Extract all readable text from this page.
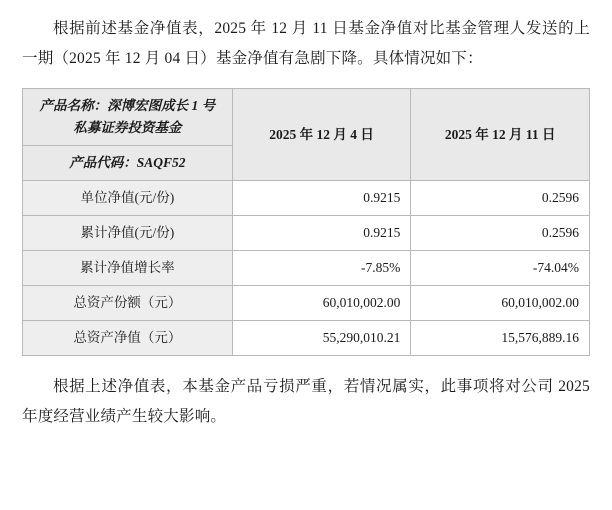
根据前述基金净值表，2025 年 12 月 11 日基金净值对比基金管理人发送的上一期（2025 年 12 月 04 日）基金净值有急剧下降。具体情况如下：

产品名称：深博宏图成长 1 号
私募证券投资基金	2025 年 12 月 4 日	2025 年 12 月 11 日

产品代码：SAQF52		

单位净值(元/份)	0.9215	0.2596

累计净值(元/份)	0.9215	0.2596

累计净值增长率	-7.85%	-74.04%

总资产份额（元）	60,010,002.00	60,010,002.00

总资产净值（元）	55,290,010.21	15,576,889.16

根据上述净值表，本基金产品亏损严重，若情况属实，此事项将对公司 2025 年度经营业绩产生较大影响。
